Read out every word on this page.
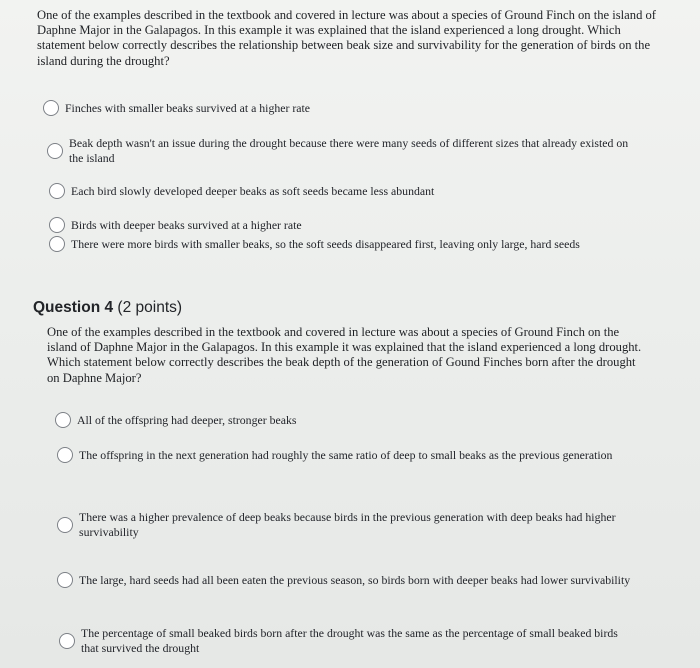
One of the examples described in the textbook and covered in lecture was about a species of Ground Finch on the island of Daphne Major in the Galapagos. In this example it was explained that the island experienced a long drought. Which statement below correctly describes the relationship between beak size and survivability for the generation of birds on the island during the drought?
Finches with smaller beaks survived at a higher rate
Beak depth wasn't an issue during the drought because there were many seeds of different sizes that already existed on the island
Each bird slowly developed deeper beaks as soft seeds became less abundant
Birds with deeper beaks survived at a higher rate
There were more birds with smaller beaks, so the soft seeds disappeared first, leaving only large, hard seeds
Question 4 (2 points)
One of the examples described in the textbook and covered in lecture was about a species of Ground Finch on the island of Daphne Major in the Galapagos. In this example it was explained that the island experienced a long drought. Which statement below correctly describes the beak depth of the generation of Gound Finches born after the drought on Daphne Major?
All of the offspring had deeper, stronger beaks
The offspring in the next generation had roughly the same ratio of deep to small beaks as the previous generation
There was a higher prevalence of deep beaks because birds in the previous generation with deep beaks had higher survivability
The large, hard seeds had all been eaten the previous season, so birds born with deeper beaks had lower survivability
The percentage of small beaked birds born after the drought was the same as the percentage of small beaked birds that survived the drought
